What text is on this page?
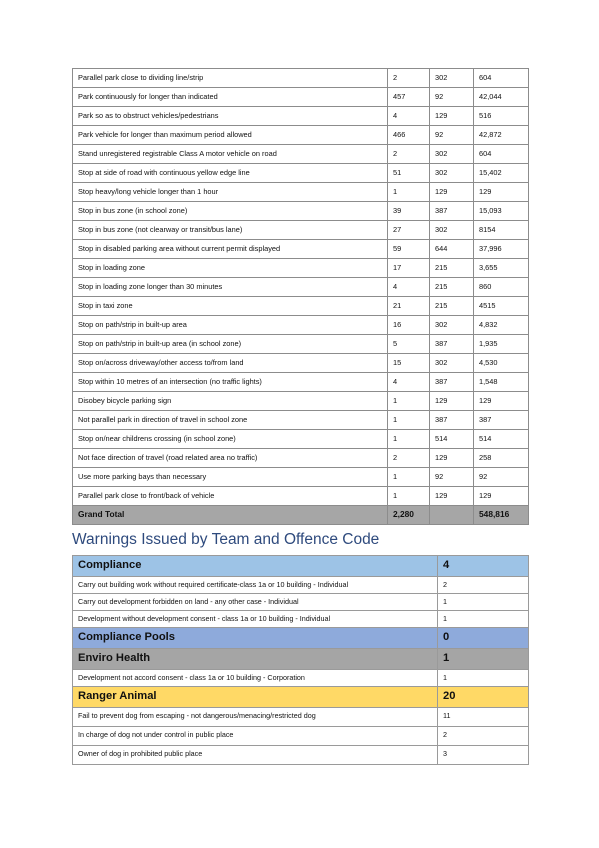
Parallel park close to dividing line/strip	2	302	604
Park continuously for longer than indicated	457	92	42,044
Park so as to obstruct vehicles/pedestrians	4	129	516
Park vehicle for longer than maximum period allowed	466	92	42,872
Stand unregistered registrable Class A motor vehicle on road	2	302	604
Stop at side of road with continuous yellow edge line	51	302	15,402
Stop heavy/long vehicle longer than 1 hour	1	129	129
Stop in bus zone (in school zone)	39	387	15,093
Stop in bus zone (not clearway or transit/bus lane)	27	302	8154
Stop in disabled parking area without current permit displayed	59	644	37,996
Stop in loading zone	17	215	3,655
Stop in loading zone longer than 30 minutes	4	215	860
Stop in taxi zone	21	215	4515
Stop on path/strip in built-up area	16	302	4,832
Stop on path/strip in built-up area (in school zone)	5	387	1,935
Stop on/across driveway/other access to/from land	15	302	4,530
Stop within 10 metres of an intersection (no traffic lights)	4	387	1,548
Disobey bicycle parking sign	1	129	129
Not parallel park in direction of travel in school zone	1	387	387
Stop on/near childrens crossing (in school zone)	1	514	514
Not face direction of travel (road related area no traffic)	2	129	258
Use more parking bays than necessary	1	92	92
Parallel park close to front/back of vehicle	1	129	129
Grand Total	2,280		548,816
Warnings Issued by Team and Offence Code
Compliance	4
Carry out building work without required certificate-class 1a or 10 building - Individual	2
Carry out development forbidden on land - any other case - Individual	1
Development without development consent - class 1a or 10 building - Individual	1
Compliance Pools	0
Enviro Health	1
Development not accord consent - class 1a or 10 building - Corporation	1
Ranger Animal	20
Fail to prevent dog from escaping - not dangerous/menacing/restricted dog	11
In charge of dog not under control in public place	2
Owner of dog in prohibited public place	3
